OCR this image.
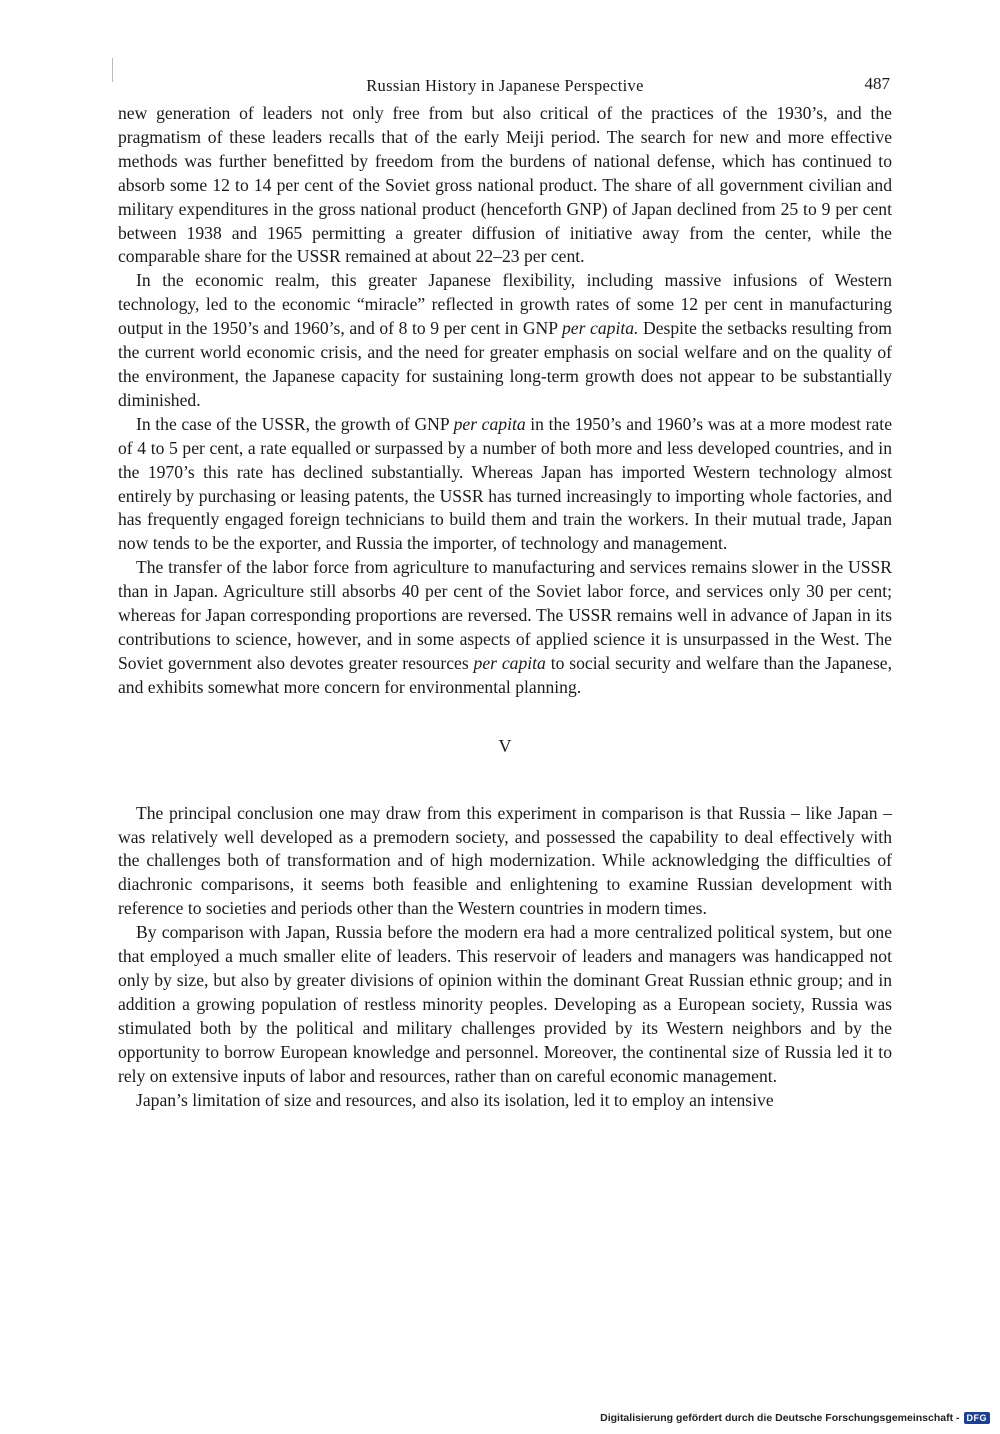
Russian History in Japanese Perspective	487

new generation of leaders not only free from but also critical of the practices of the 1930’s, and the pragmatism of these leaders recalls that of the early Meiji period. The search for new and more effective methods was further benefitted by freedom from the burdens of national defense, which has continued to absorb some 12 to 14 per cent of the Soviet gross national product. The share of all government civilian and military expenditures in the gross national product (henceforth GNP) of Japan declined from 25 to 9 per cent between 1938 and 1965 permitting a greater diffusion of initiative away from the center, while the comparable share for the USSR remained at about 22–23 per cent.

In the economic realm, this greater Japanese flexibility, including massive infusions of Western technology, led to the economic “miracle” reflected in growth rates of some 12 per cent in manufacturing output in the 1950’s and 1960’s, and of 8 to 9 per cent in GNP per capita. Despite the setbacks resulting from the current world economic crisis, and the need for greater emphasis on social welfare and on the quality of the environment, the Japanese capacity for sustaining long-term growth does not appear to be substantially diminished.

In the case of the USSR, the growth of GNP per capita in the 1950’s and 1960’s was at a more modest rate of 4 to 5 per cent, a rate equalled or surpassed by a number of both more and less developed countries, and in the 1970’s this rate has declined substantially. Whereas Japan has imported Western technology almost entirely by purchasing or leasing patents, the USSR has turned increasingly to importing whole factories, and has frequently engaged foreign technicians to build them and train the workers. In their mutual trade, Japan now tends to be the exporter, and Russia the importer, of technology and management.

The transfer of the labor force from agriculture to manufacturing and services remains slower in the USSR than in Japan. Agriculture still absorbs 40 per cent of the Soviet labor force, and services only 30 per cent; whereas for Japan corresponding proportions are reversed. The USSR remains well in advance of Japan in its contributions to science, however, and in some aspects of applied science it is unsurpassed in the West. The Soviet government also devotes greater resources per capita to social security and welfare than the Japanese, and exhibits somewhat more concern for environmental planning.

V

The principal conclusion one may draw from this experiment in comparison is that Russia – like Japan – was relatively well developed as a premodern society, and possessed the capability to deal effectively with the challenges both of transformation and of high modernization. While acknowledging the difficulties of diachronic comparisons, it seems both feasible and enlightening to examine Russian development with reference to societies and periods other than the Western countries in modern times.

By comparison with Japan, Russia before the modern era had a more centralized political system, but one that employed a much smaller elite of leaders. This reservoir of leaders and managers was handicapped not only by size, but also by greater divisions of opinion within the dominant Great Russian ethnic group; and in addition a growing population of restless minority peoples. Developing as a European society, Russia was stimulated both by the political and military challenges provided by its Western neighbors and by the opportunity to borrow European knowledge and personnel. Moreover, the continental size of Russia led it to rely on extensive inputs of labor and resources, rather than on careful economic management.

Japan’s limitation of size and resources, and also its isolation, led it to employ an intensive

Digitalisierung gefördert durch die Deutsche Forschungsgemeinschaft - DFG
